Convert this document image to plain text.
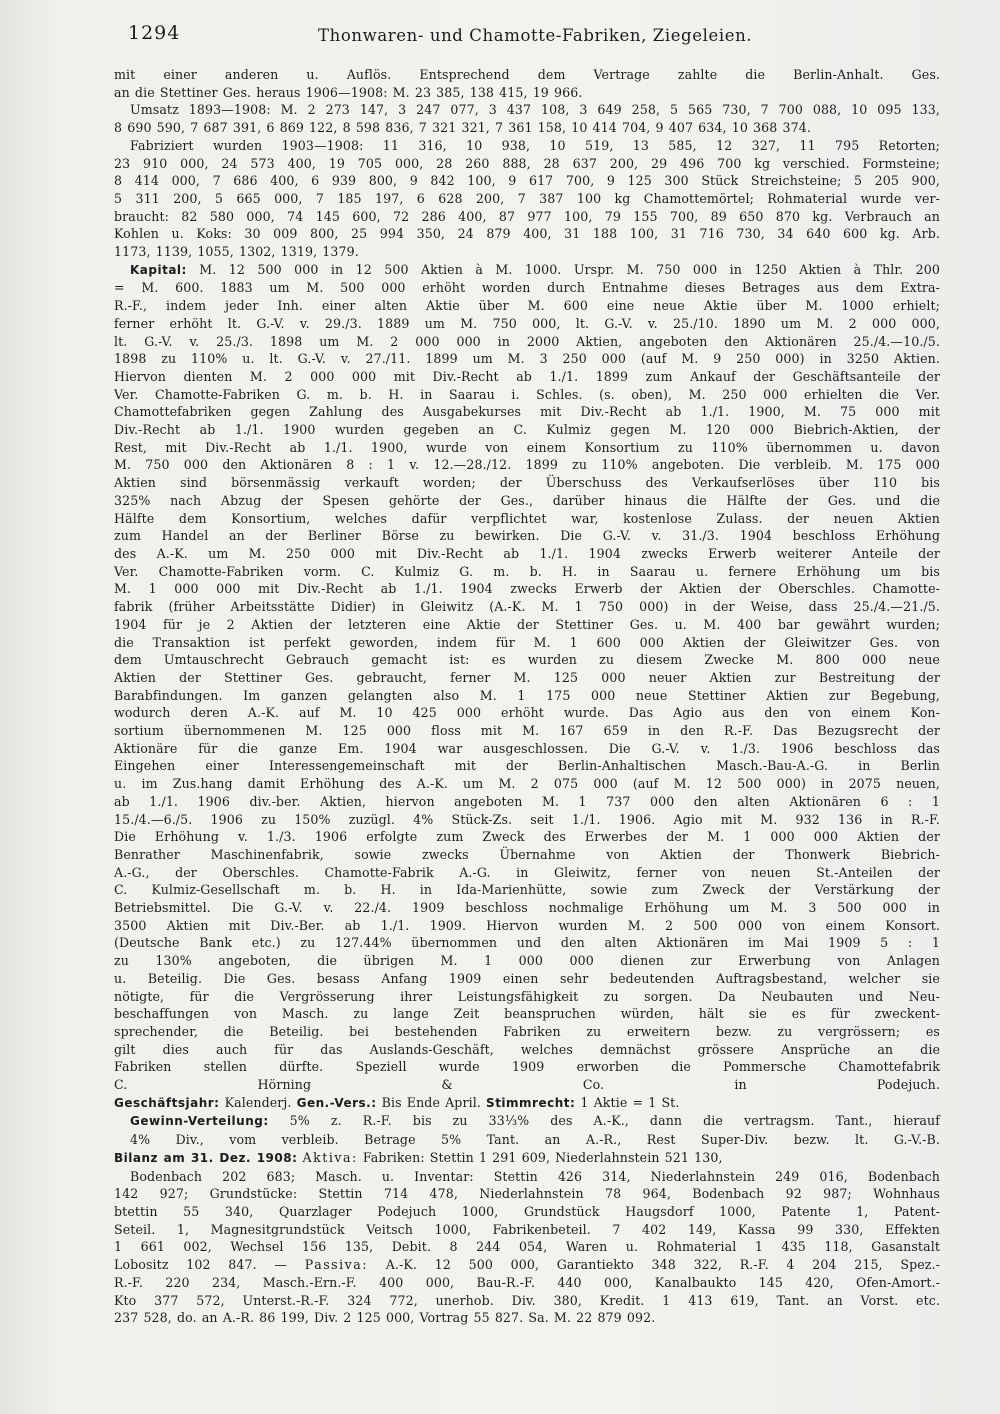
1294	Thonwaren- und Chamotte-Fabriken, Ziegeleien.

mit einer anderen u. Auflös. Entsprechend dem Vertrage zahlte die Berlin-Anhalt. Ges.

an die Stettiner Ges. heraus 1906—1908: M. 23 385, 138 415, 19 966.

Umsatz 1893—1908: M. 2 273 147, 3 247 077, 3 437 108, 3 649 258, 5 565 730, 7 700 088, 10 095 133,

8 690 590, 7 687 391, 6 869 122, 8 598 836, 7 321 321, 7 361 158, 10 414 704, 9 407 634, 10 368 374.

Fabriziert wurden 1903—1908: 11 316, 10 938, 10 519, 13 585, 12 327, 11 795 Retorten;

23 910 000, 24 573 400, 19 705 000, 28 260 888, 28 637 200, 29 496 700 kg verschied. Formsteine;

8 414 000, 7 686 400, 6 939 800, 9 842 100, 9 617 700, 9 125 300 Stück Streichsteine; 5 205 900,

5 311 200, 5 665 000, 7 185 197, 6 628 200, 7 387 100 kg Chamottemörtel; Rohmaterial wurde ver-

braucht: 82 580 000, 74 145 600, 72 286 400, 87 977 100, 79 155 700, 89 650 870 kg. Verbrauch an

Kohlen u. Koks: 30 009 800, 25 994 350, 24 879 400, 31 188 100, 31 716 730, 34 640 600 kg. Arb.

1173, 1139, 1055, 1302, 1319, 1379.

Kapital: M. 12 500 000 in 12 500 Aktien à M. 1000. Urspr. M. 750 000 in 1250 Aktien à Thlr. 200

= M. 600. 1883 um M. 500 000 erhöht worden durch Entnahme dieses Betrages aus dem Extra-

R.-F., indem jeder Inh. einer alten Aktie über M. 600 eine neue Aktie über M. 1000 erhielt;

ferner erhöht lt. G.-V. v. 29./3. 1889 um M. 750 000, lt. G.-V. v. 25./10. 1890 um M. 2 000 000,

lt. G.-V. v. 25./3. 1898 um M. 2 000 000 in 2000 Aktien, angeboten den Aktionären 25./4.—10./5.

1898 zu 110% u. lt. G.-V. v. 27./11. 1899 um M. 3 250 000 (auf M. 9 250 000) in 3250 Aktien.

Hiervon dienten M. 2 000 000 mit Div.-Recht ab 1./1. 1899 zum Ankauf der Geschäftsanteile der

Ver. Chamotte-Fabriken G. m. b. H. in Saarau i. Schles. (s. oben), M. 250 000 erhielten die Ver.

Chamottefabriken gegen Zahlung des Ausgabekurses mit Div.-Recht ab 1./1. 1900, M. 75 000 mit

Div.-Recht ab 1./1. 1900 wurden gegeben an C. Kulmiz gegen M. 120 000 Biebrich-Aktien, der

Rest, mit Div.-Recht ab 1./1. 1900, wurde von einem Konsortium zu 110% übernommen u. davon

M. 750 000 den Aktionären 8 : 1 v. 12.—28./12. 1899 zu 110% angeboten. Die verbleib. M. 175 000

Aktien sind börsenmässig verkauft worden; der Überschuss des Verkaufserlöses über 110 bis

325% nach Abzug der Spesen gehörte der Ges., darüber hinaus die Hälfte der Ges. und die

Hälfte dem Konsortium, welches dafür verpflichtet war, kostenlose Zulass. der neuen Aktien

zum Handel an der Berliner Börse zu bewirken. Die G.-V. v. 31./3. 1904 beschloss Erhöhung

des A.-K. um M. 250 000 mit Div.-Recht ab 1./1. 1904 zwecks Erwerb weiterer Anteile der

Ver. Chamotte-Fabriken vorm. C. Kulmiz G. m. b. H. in Saarau u. fernere Erhöhung um bis

M. 1 000 000 mit Div.-Recht ab 1./1. 1904 zwecks Erwerb der Aktien der Oberschles. Chamotte-

fabrik (früher Arbeitsstätte Didier) in Gleiwitz (A.-K. M. 1 750 000) in der Weise, dass 25./4.—21./5.

1904 für je 2 Aktien der letzteren eine Aktie der Stettiner Ges. u. M. 400 bar gewährt wurden;

die Transaktion ist perfekt geworden, indem für M. 1 600 000 Aktien der Gleiwitzer Ges. von

dem Umtauschrecht Gebrauch gemacht ist: es wurden zu diesem Zwecke M. 800 000 neue

Aktien der Stettiner Ges. gebraucht, ferner M. 125 000 neuer Aktien zur Bestreitung der

Barabfindungen. Im ganzen gelangten also M. 1 175 000 neue Stettiner Aktien zur Begebung,

wodurch deren A.-K. auf M. 10 425 000 erhöht wurde. Das Agio aus den von einem Kon-

sortium übernommenen M. 125 000 floss mit M. 167 659 in den R.-F. Das Bezugsrecht der

Aktionäre für die ganze Em. 1904 war ausgeschlossen. Die G.-V. v. 1./3. 1906 beschloss das

Eingehen einer Interessengemeinschaft mit der Berlin-Anhaltischen Masch.-Bau-A.-G. in Berlin

u. im Zus.hang damit Erhöhung des A.-K. um M. 2 075 000 (auf M. 12 500 000) in 2075 neuen,

ab 1./1. 1906 div.-ber. Aktien, hiervon angeboten M. 1 737 000 den alten Aktionären 6 : 1

15./4.—6./5. 1906 zu 150% zuzügl. 4% Stück-Zs. seit 1./1. 1906. Agio mit M. 932 136 in R.-F.

Die Erhöhung v. 1./3. 1906 erfolgte zum Zweck des Erwerbes der M. 1 000 000 Aktien der

Benrather Maschinenfabrik, sowie zwecks Übernahme von Aktien der Thonwerk Biebrich-

A.-G., der Oberschles. Chamotte-Fabrik A.-G. in Gleiwitz, ferner von neuen St.-Anteilen der

C. Kulmiz-Gesellschaft m. b. H. in Ida-Marienhütte, sowie zum Zweck der Verstärkung der

Betriebsmittel. Die G.-V. v. 22./4. 1909 beschloss nochmalige Erhöhung um M. 3 500 000 in

3500 Aktien mit Div.-Ber. ab 1./1. 1909. Hiervon wurden M. 2 500 000 von einem Konsort.

(Deutsche Bank etc.) zu 127.44% übernommen und den alten Aktionären im Mai 1909 5 : 1

zu 130% angeboten, die übrigen M. 1 000 000 dienen zur Erwerbung von Anlagen

u. Beteilig. Die Ges. besass Anfang 1909 einen sehr bedeutenden Auftragsbestand, welcher sie

nötigte, für die Vergrösserung ihrer Leistungsfähigkeit zu sorgen. Da Neubauten und Neu-

beschaffungen von Masch. zu lange Zeit beanspruchen würden, hält sie es für zweckent-

sprechender, die Beteilig. bei bestehenden Fabriken zu erweitern bezw. zu vergrössern; es

gilt dies auch für das Auslands-Geschäft, welches demnächst grössere Ansprüche an die

Fabriken stellen dürfte. Speziell wurde 1909 erworben die Pommersche Chamottefabrik

C. Hörning & Co. in Podejuch.

Geschäftsjahr: Kalenderj. Gen.-Vers.: Bis Ende April. Stimmrecht: 1 Aktie = 1 St.

Gewinn-Verteilung: 5% z. R.-F. bis zu 33⅓% des A.-K., dann die vertragsm. Tant., hierauf

4% Div., vom verbleib. Betrage 5% Tant. an A.-R., Rest Super-Div. bezw. lt. G.-V.-B.

Bilanz am 31. Dez. 1908: Aktiva: Fabriken: Stettin 1 291 609, Niederlahnstein 521 130,

Bodenbach 202 683; Masch. u. Inventar: Stettin 426 314, Niederlahnstein 249 016, Bodenbach

142 927; Grundstücke: Stettin 714 478, Niederlahnstein 78 964, Bodenbach 92 987; Wohnhaus

btettin 55 340, Quarzlager Podejuch 1000, Grundstück Haugsdorf 1000, Patente 1, Patent-

Seteil. 1, Magnesitgrundstück Veitsch 1000, Fabrikenbeteil. 7 402 149, Kassa 99 330, Effekten

1 661 002, Wechsel 156 135, Debit. 8 244 054, Waren u. Rohmaterial 1 435 118, Gasanstalt

Lobositz 102 847. — Passiva: A.-K. 12 500 000, Garantiekto 348 322, R.-F. 4 204 215, Spez.-

R.-F. 220 234, Masch.-Ern.-F. 400 000, Bau-R.-F. 440 000, Kanalbaukto 145 420, Ofen-Amort.-

Kto 377 572, Unterst.-R.-F. 324 772, unerhob. Div. 380, Kredit. 1 413 619, Tant. an Vorst. etc.

237 528, do. an A.-R. 86 199, Div. 2 125 000, Vortrag 55 827. Sa. M. 22 879 092.
